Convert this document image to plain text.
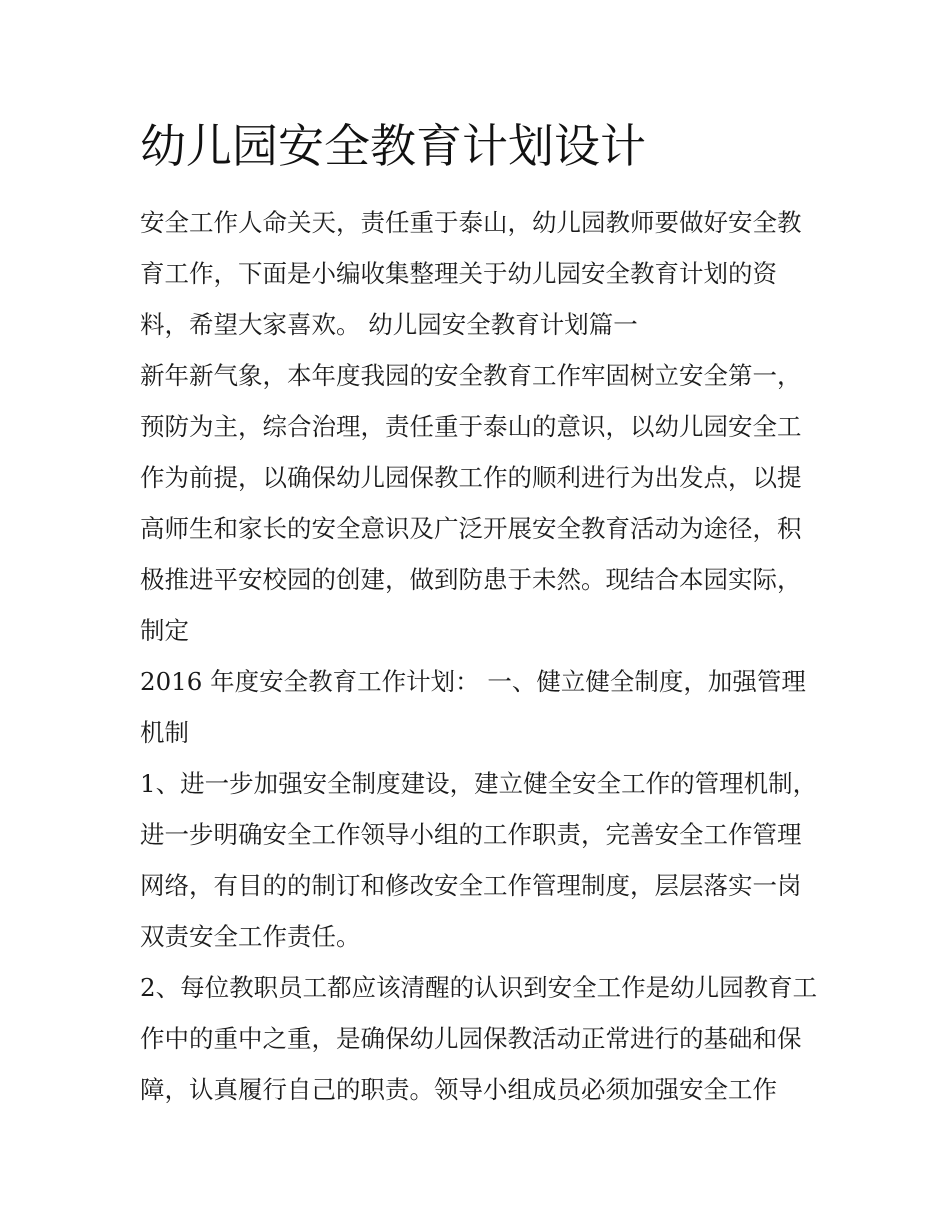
幼儿园安全教育计划设计

安全工作人命关天，责任重于泰山，幼儿园教师要做好安全教育工作，下面是小编收集整理关于幼儿园安全教育计划的资料，希望大家喜欢。 幼儿园安全教育计划篇一

新年新气象，本年度我园的安全教育工作牢固树立安全第一，预防为主，综合治理，责任重于泰山的意识，以幼儿园安全工作为前提，以确保幼儿园保教工作的顺利进行为出发点，以提高师生和家长的安全意识及广泛开展安全教育活动为途径，积极推进平安校园的创建，做到防患于未然。现结合本园实际，制定

2016 年度安全教育工作计划： 一、健立健全制度，加强管理机制

1、进一步加强安全制度建设，建立健全安全工作的管理机制，进一步明确安全工作领导小组的工作职责，完善安全工作管理网络，有目的的制订和修改安全工作管理制度，层层落实一岗双责安全工作责任。

2、每位教职员工都应该清醒的认识到安全工作是幼儿园教育工作中的重中之重，是确保幼儿园保教活动正常进行的基础和保障，认真履行自己的职责。领导小组成员必须加强安全工作
